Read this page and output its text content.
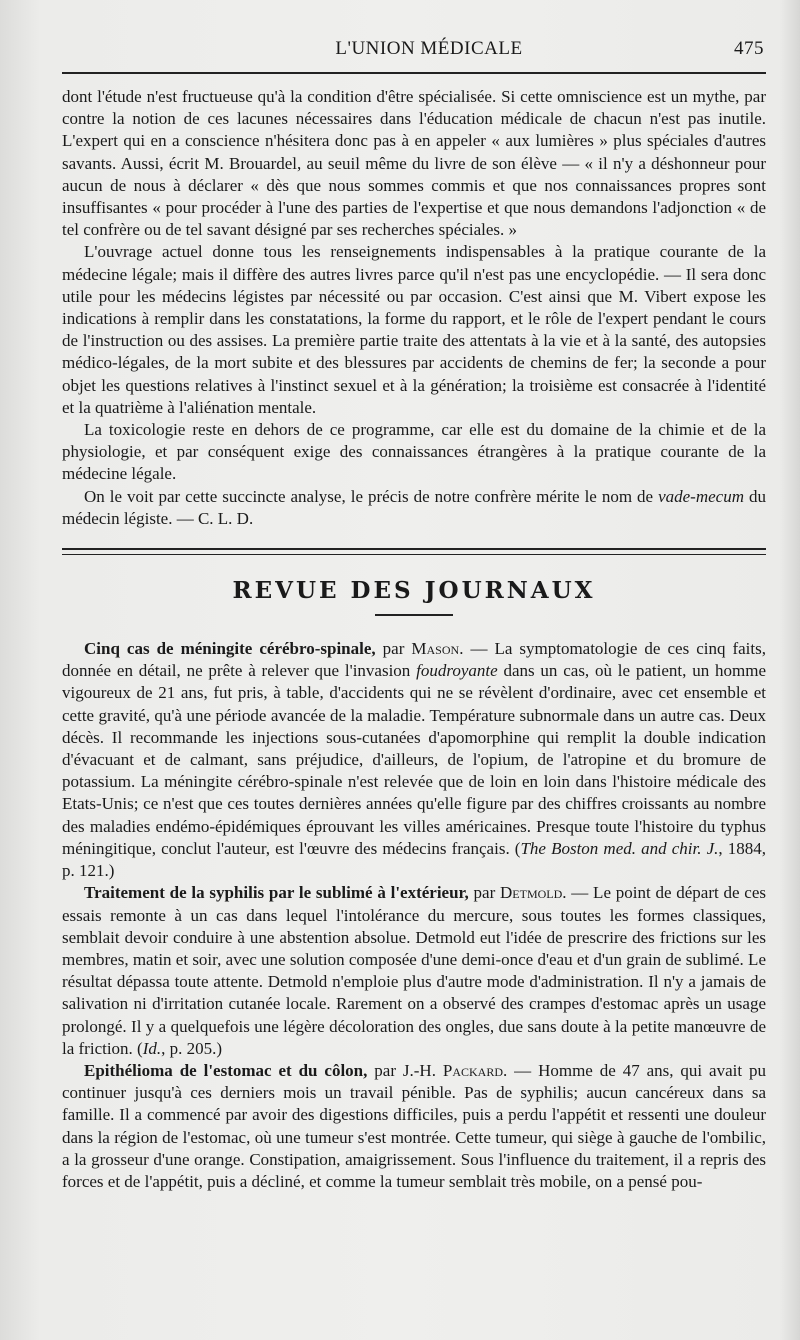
L'UNION MÉDICALE	475

dont l'étude n'est fructueuse qu'à la condition d'être spécialisée. Si cette omniscience est un mythe, par contre la notion de ces lacunes nécessaires dans l'éducation médicale de chacun n'est pas inutile. L'expert qui en a conscience n'hésitera donc pas à en appeler « aux lumières » plus spéciales d'autres savants. Aussi, écrit M. Brouardel, au seuil même du livre de son élève — « il n'y a déshonneur pour aucun de nous à déclarer « dès que nous sommes commis et que nos connaissances propres sont insuffisantes « pour procéder à l'une des parties de l'expertise et que nous demandons l'adjonction « de tel confrère ou de tel savant désigné par ses recherches spéciales. »

L'ouvrage actuel donne tous les renseignements indispensables à la pratique courante de la médecine légale; mais il diffère des autres livres parce qu'il n'est pas une encyclopédie. — Il sera donc utile pour les médecins légistes par nécessité ou par occasion. C'est ainsi que M. Vibert expose les indications à remplir dans les constatations, la forme du rapport, et le rôle de l'expert pendant le cours de l'instruction ou des assises. La première partie traite des attentats à la vie et à la santé, des autopsies médico-légales, de la mort subite et des blessures par accidents de chemins de fer; la seconde a pour objet les questions relatives à l'instinct sexuel et à la génération; la troisième est consacrée à l'identité et la quatrième à l'aliénation mentale.

La toxicologie reste en dehors de ce programme, car elle est du domaine de la chimie et de la physiologie, et par conséquent exige des connaissances étrangères à la pratique courante de la médecine légale.

On le voit par cette succincte analyse, le précis de notre confrère mérite le nom de vade-mecum du médecin légiste. — C. L. D.

REVUE DES JOURNAUX

Cinq cas de méningite cérébro-spinale, par Mason. — La symptomatologie de ces cinq faits, donnée en détail, ne prête à relever que l'invasion foudroyante dans un cas, où le patient, un homme vigoureux de 21 ans, fut pris, à table, d'accidents qui ne se révèlent d'ordinaire, avec cet ensemble et cette gravité, qu'à une période avancée de la maladie. Température subnormale dans un autre cas. Deux décès. Il recommande les injections sous-cutanées d'apomorphine qui remplit la double indication d'évacuant et de calmant, sans préjudice, d'ailleurs, de l'opium, de l'atropine et du bromure de potassium. La méningite cérébro-spinale n'est relevée que de loin en loin dans l'histoire médicale des Etats-Unis; ce n'est que ces toutes dernières années qu'elle figure par des chiffres croissants au nombre des maladies endémo-épidémiques éprouvant les villes américaines. Presque toute l'histoire du typhus méningitique, conclut l'auteur, est l'œuvre des médecins français. (The Boston med. and chir. J., 1884, p. 121.)

Traitement de la syphilis par le sublimé à l'extérieur, par Detmold. — Le point de départ de ces essais remonte à un cas dans lequel l'intolérance du mercure, sous toutes les formes classiques, semblait devoir conduire à une abstention absolue. Detmold eut l'idée de prescrire des frictions sur les membres, matin et soir, avec une solution composée d'une demi-once d'eau et d'un grain de sublimé. Le résultat dépassa toute attente. Detmold n'emploie plus d'autre mode d'administration. Il n'y a jamais de salivation ni d'irritation cutanée locale. Rarement on a observé des crampes d'estomac après un usage prolongé. Il y a quelquefois une légère décoloration des ongles, due sans doute à la petite manœuvre de la friction. (Id., p. 205.)

Epithélioma de l'estomac et du côlon, par J.-H. Packard. — Homme de 47 ans, qui avait pu continuer jusqu'à ces derniers mois un travail pénible. Pas de syphilis; aucun cancéreux dans sa famille. Il a commencé par avoir des digestions difficiles, puis a perdu l'appétit et ressenti une douleur dans la région de l'estomac, où une tumeur s'est montrée. Cette tumeur, qui siège à gauche de l'ombilic, a la grosseur d'une orange. Constipation, amaigrissement. Sous l'influence du traitement, il a repris des forces et de l'appétit, puis a décliné, et comme la tumeur semblait très mobile, on a pensé pou-
